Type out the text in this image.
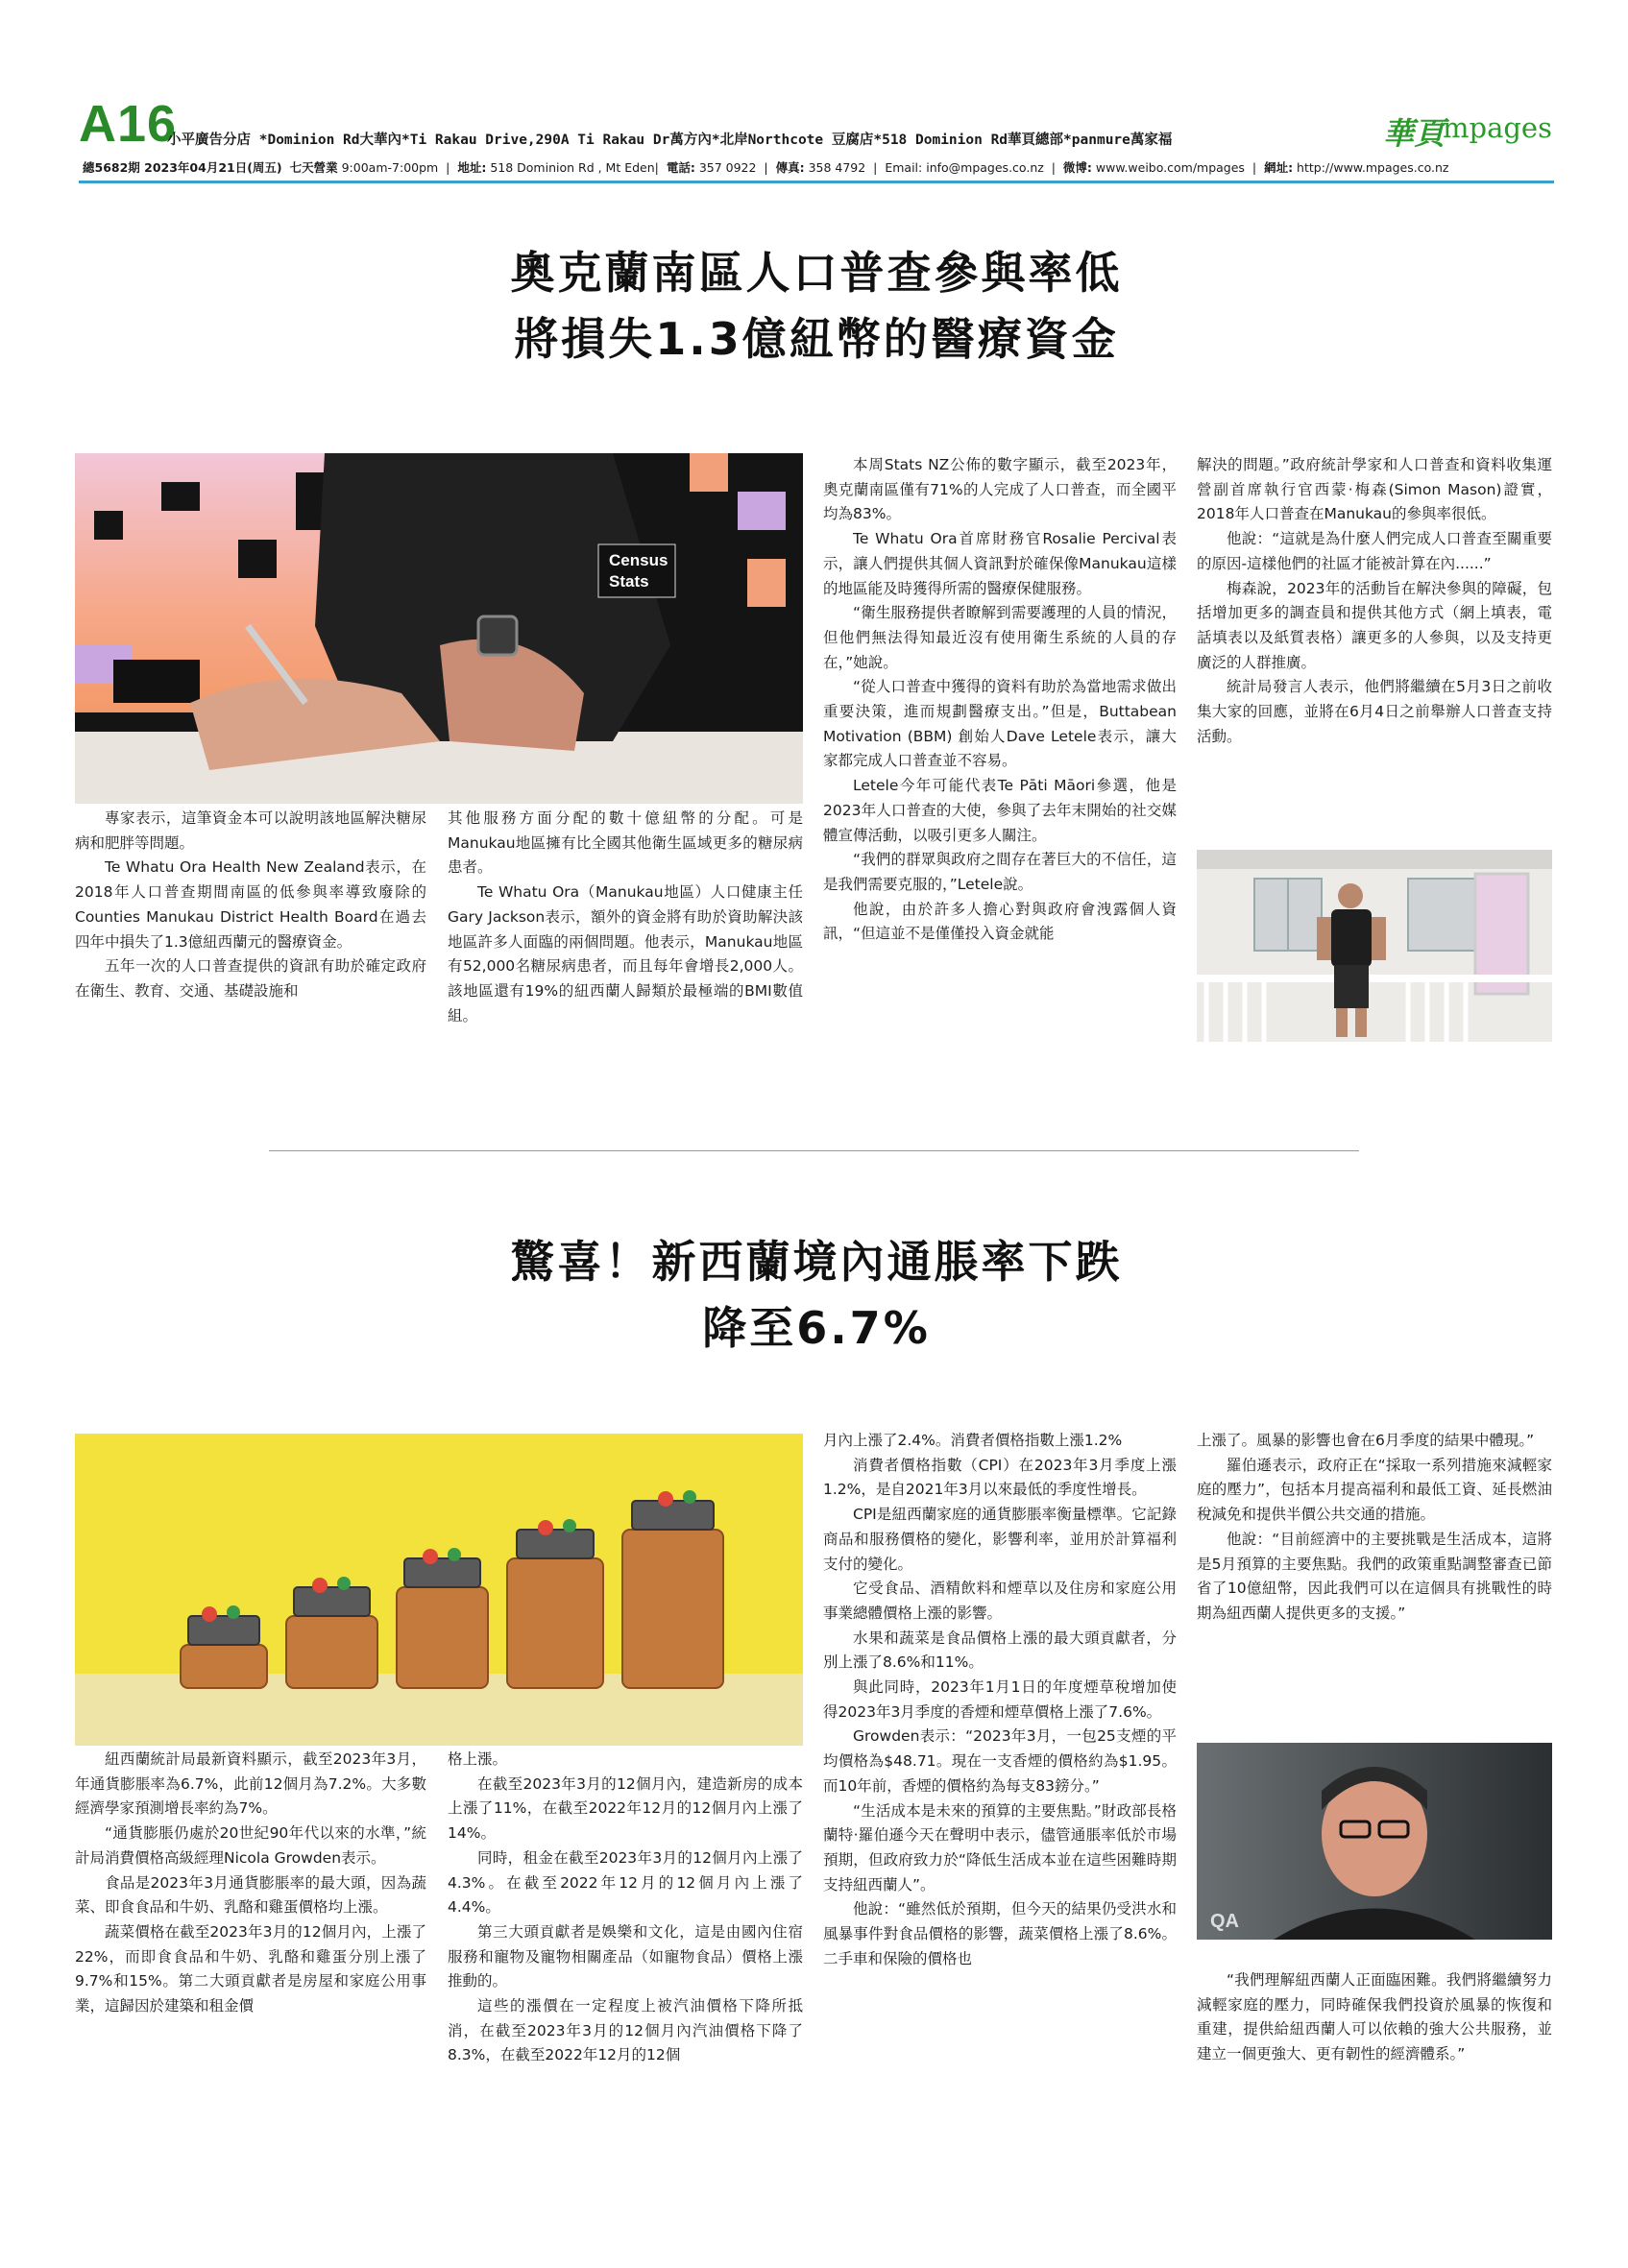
A16
小平廣告分店 *Dominion Rd大華內*Ti Rakau Drive,290A Ti Rakau Dr萬方內*北岸Northcote 豆腐店*518 Dominion Rd華頁總部*panmure萬家福	華頁
mpages
總5682期 2023年04月21日(周五) 七天營業 9:00am-7:00pm  |  地址: 518 Dominion Rd , Mt Eden|  電話: 357 0922  |  傳真: 358 4792  |  Email: info@mpages.co.nz  |  微博: www.weibo.com/mpages  |  網址: http://www.mpages.co.nz
奧克蘭南區人口普查參與率低
將損失1.3億紐幣的醫療資金
Census
Stats

專家表示，這筆資金本可以說明該地區解決糖尿病和肥胖等問題。

Te Whatu Ora Health New Zealand表示，在2018年人口普查期間南區的低參與率導致廢除的Counties Manukau District Health Board在過去四年中損失了1.3億紐西蘭元的醫療資金。

五年一次的人口普查提供的資訊有助於確定政府在衛生、教育、交通、基礎設施和

其他服務方面分配的數十億紐幣的分配。可是Manukau地區擁有比全國其他衛生區域更多的糖尿病患者。

Te Whatu Ora（Manukau地區）人口健康主任Gary Jackson表示，額外的資金將有助於資助解決該地區許多人面臨的兩個問題。他表示，Manukau地區有52,000名糖尿病患者，而且每年會增長2,000人。該地區還有19%的紐西蘭人歸類於最極端的BMI數值組。

本周Stats NZ公佈的數字顯示，截至2023年，奧克蘭南區僅有71%的人完成了人口普查，而全國平均為83%。

Te Whatu Ora首席財務官Rosalie Percival表示，讓人們提供其個人資訊對於確保像Manukau這樣的地區能及時獲得所需的醫療保健服務。

“衛生服務提供者瞭解到需要護理的人員的情況，但他們無法得知最近沒有使用衛生系統的人員的存在，”她說。

“從人口普查中獲得的資料有助於為當地需求做出重要決策，進而規劃醫療支出。”但是，Buttabean Motivation (BBM) 創始人Dave Letele表示，讓大家都完成人口普查並不容易。

Letele今年可能代表Te Pāti Māori參選，他是2023年人口普查的大使，參與了去年末開始的社交媒體宣傳活動，以吸引更多人關注。

“我們的群眾與政府之間存在著巨大的不信任，這是我們需要克服的，”Letele說。

他說，由於許多人擔心對與政府會洩露個人資訊，“但這並不是僅僅投入資金就能

解決的問題。”政府統計學家和人口普查和資料收集運營副首席執行官西蒙·梅森(Simon Mason)證實，2018年人口普查在Manukau的參與率很低。

他說：“這就是為什麼人們完成人口普查至關重要的原因-這樣他們的社區才能被計算在內......”

梅森說，2023年的活動旨在解決參與的障礙，包括增加更多的調查員和提供其他方式（網上填表，電話填表以及紙質表格）讓更多的人參與，以及支持更廣泛的人群推廣。

統計局發言人表示，他們將繼續在5月3日之前收集大家的回應，並將在6月4日之前舉辦人口普查支持活動。

驚喜！新西蘭境內通脹率下跌
降至6.7%

紐西蘭統計局最新資料顯示，截至2023年3月，年通貨膨脹率為6.7%，此前12個月為7.2%。大多數經濟學家預測增長率約為7%。

“通貨膨脹仍處於20世紀90年代以來的水準，”統計局消費價格高級經理Nicola Growden表示。

食品是2023年3月通貨膨脹率的最大頭，因為蔬菜、即食食品和牛奶、乳酪和雞蛋價格均上漲。

蔬菜價格在截至2023年3月的12個月內，上漲了22%，而即食食品和牛奶、乳酪和雞蛋分別上漲了9.7%和15%。第二大頭貢獻者是房屋和家庭公用事業，這歸因於建築和租金價

格上漲。

在截至2023年3月的12個月內，建造新房的成本上漲了11%，在截至2022年12月的12個月內上漲了14%。

同時，租金在截至2023年3月的12個月內上漲了4.3%。在截至2022年12月的12個月內上漲了4.4%。

第三大頭貢獻者是娛樂和文化，這是由國內住宿服務和寵物及寵物相關產品（如寵物食品）價格上漲推動的。

這些的漲價在一定程度上被汽油價格下降所抵消，在截至2023年3月的12個月內汽油價格下降了8.3%，在截至2022年12月的12個

月內上漲了2.4%。消費者價格指數上漲1.2%

消費者價格指數（CPI）在2023年3月季度上漲1.2%，是自2021年3月以來最低的季度性增長。

CPI是紐西蘭家庭的通貨膨脹率衡量標準。它記錄商品和服務價格的變化，影響利率，並用於計算福利支付的變化。

它受食品、酒精飲料和煙草以及住房和家庭公用事業總體價格上漲的影響。

水果和蔬菜是食品價格上漲的最大頭貢獻者，分別上漲了8.6%和11%。

與此同時，2023年1月1日的年度煙草稅增加使得2023年3月季度的香煙和煙草價格上漲了7.6%。

Growden表示：“2023年3月，一包25支煙的平均價格為$48.71。現在一支香煙的價格約為$1.95。而10年前，香煙的價格約為每支83鎊分。”

“生活成本是未來的預算的主要焦點。”財政部長格蘭特·羅伯遜今天在聲明中表示，儘管通脹率低於市場預期，但政府致力於“降低生活成本並在這些困難時期支持紐西蘭人”。

他說：“雖然低於預期，但今天的結果仍受洪水和風暴事件對食品價格的影響，蔬菜價格上漲了8.6%。二手車和保險的價格也

上漲了。風暴的影響也會在6月季度的結果中體現。”

羅伯遜表示，政府正在“採取一系列措施來減輕家庭的壓力”，包括本月提高福利和最低工資、延長燃油稅減免和提供半價公共交通的措施。

他說：“目前經濟中的主要挑戰是生活成本，這將是5月預算的主要焦點。我們的政策重點調整審查已節省了10億紐幣，因此我們可以在這個具有挑戰性的時期為紐西蘭人提供更多的支援。”

QA

“我們理解紐西蘭人正面臨困難。我們將繼續努力減輕家庭的壓力，同時確保我們投資於風暴的恢復和重建，提供給紐西蘭人可以依賴的強大公共服務，並建立一個更強大、更有韌性的經濟體系。”
